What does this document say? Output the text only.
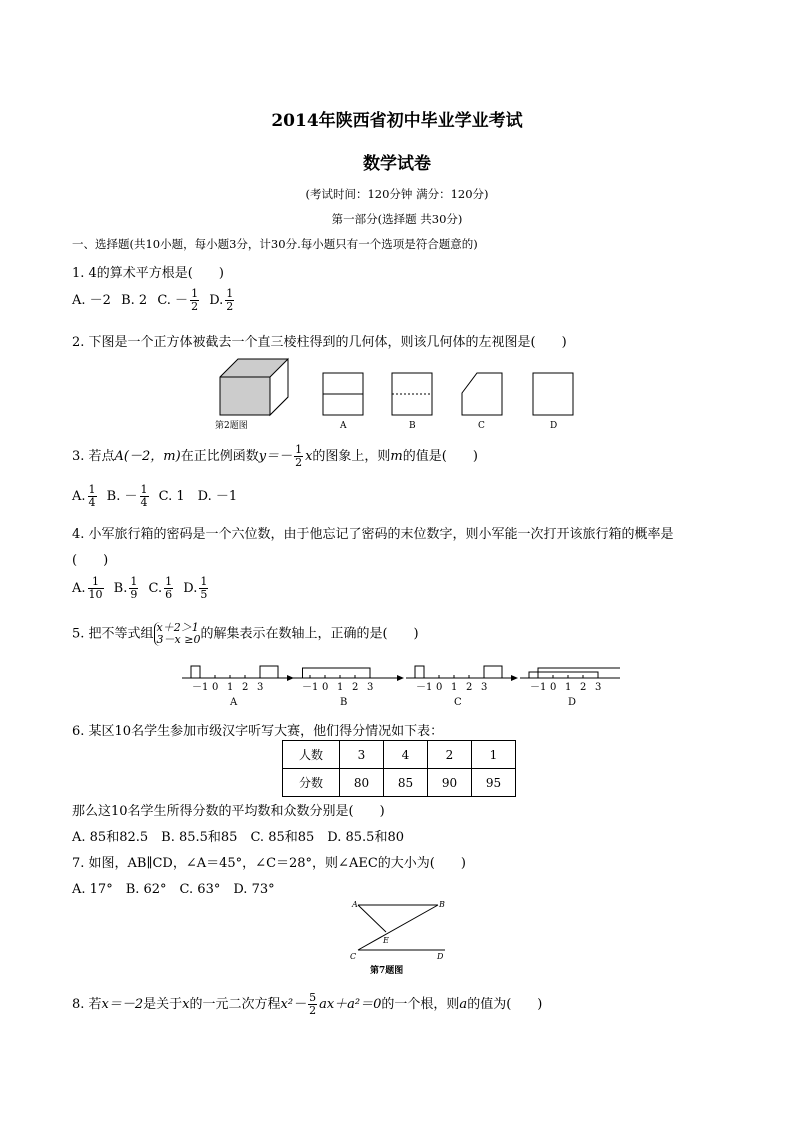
2014年陕西省初中毕业学业考试
数学试卷
(考试时间：120分钟 满分：120分)
第一部分(选择题 共30分)
一、选择题(共10小题，每小题3分，计30分.每小题只有一个选项是符合题意的)
1. 4的算术平方根是(　　)
A. －2 B. 2 C. － $\frac{1}{2} D$. $\frac{1}{2}$
2. 下图是一个正方体被截去一个直三棱柱得到的几何体，则该几何体的左视图是(　　)
第2题图	A	B	C	D
3. 若点A(－2，m)在正比例函数$y=- \frac{1}{2}$ x的图象上，则m的值是(　　)
A. $\frac{1}{4} B$. － $\frac{1}{4} C$. 1　D. －1
4. 小军旅行箱的密码是一个六位数，由于他忘记了密码的末位数字，则小军能一次打开该旅行箱的概率是
(　　)
A. $\frac{1}{10} B$. $\frac{1}{9} C$. $\frac{1}{6} D$. $\frac{1}{5}$
5. 把不等式组 x＋2＞1
3－x ≥0 的解集表示在数轴上，正确的是(　　)
－1 0 1 2 3
A
－1 0 1 2 3
B
－1 0 1 2 3
C
－1 0 1 2 3
D
6. 某区10名学生参加市级汉字听写大赛，他们得分情况如下表：
人数	3	4	2	1
分数	80	85	90	95
那么这10名学生所得分数的平均数和众数分别是(　　)
A. 85和82.5　B. 85.5和85　C. 85和85　D. 85.5和80
7. 如图，AB∥CD，∠A＝45°，∠C＝28°，则∠AEC的大小为(　　)
A. 17°　B. 62°　C. 63°　D. 73°
A	B
E
C	D
第7题图
8. 若x＝－2是关于x的一元二次方程$x^2- \frac{5}{2} ax+a^2=0$的一个根，则a的值为(　　)
